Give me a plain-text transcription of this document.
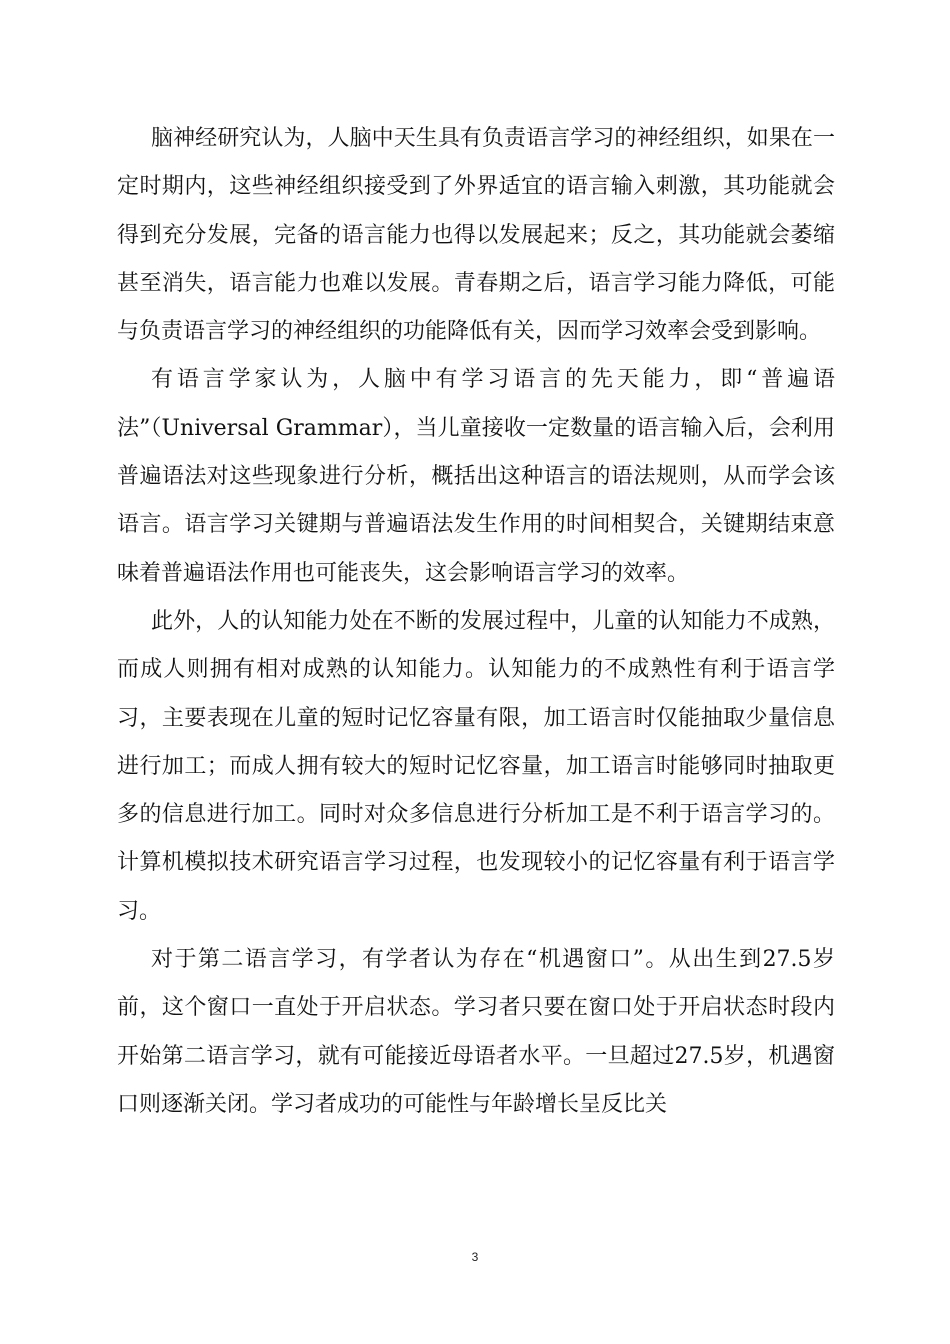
脑神经研究认为，人脑中天生具有负责语言学习的神经组织，如果在一定时期内，这些神经组织接受到了外界适宜的语言输入刺激，其功能就会得到充分发展，完备的语言能力也得以发展起来；反之，其功能就会萎缩甚至消失，语言能力也难以发展。青春期之后，语言学习能力降低，可能与负责语言学习的神经组织的功能降低有关，因而学习效率会受到影响。

有语言学家认为，人脑中有学习语言的先天能力，即“普遍语法”（Universal Grammar），当儿童接收一定数量的语言输入后，会利用普遍语法对这些现象进行分析，概括出这种语言的语法规则，从而学会该语言。语言学习关键期与普遍语法发生作用的时间相契合，关键期结束意味着普遍语法作用也可能丧失，这会影响语言学习的效率。

此外，人的认知能力处在不断的发展过程中，儿童的认知能力不成熟，而成人则拥有相对成熟的认知能力。认知能力的不成熟性有利于语言学习，主要表现在儿童的短时记忆容量有限，加工语言时仅能抽取少量信息进行加工；而成人拥有较大的短时记忆容量，加工语言时能够同时抽取更多的信息进行加工。同时对众多信息进行分析加工是不利于语言学习的。计算机模拟技术研究语言学习过程，也发现较小的记忆容量有利于语言学习。

对于第二语言学习，有学者认为存在“机遇窗口”。从出生到27.5岁前，这个窗口一直处于开启状态。学习者只要在窗口处于开启状态时段内开始第二语言学习，就有可能接近母语者水平。一旦超过27.5岁，机遇窗口则逐渐关闭。学习者成功的可能性与年龄增长呈反比关

3
